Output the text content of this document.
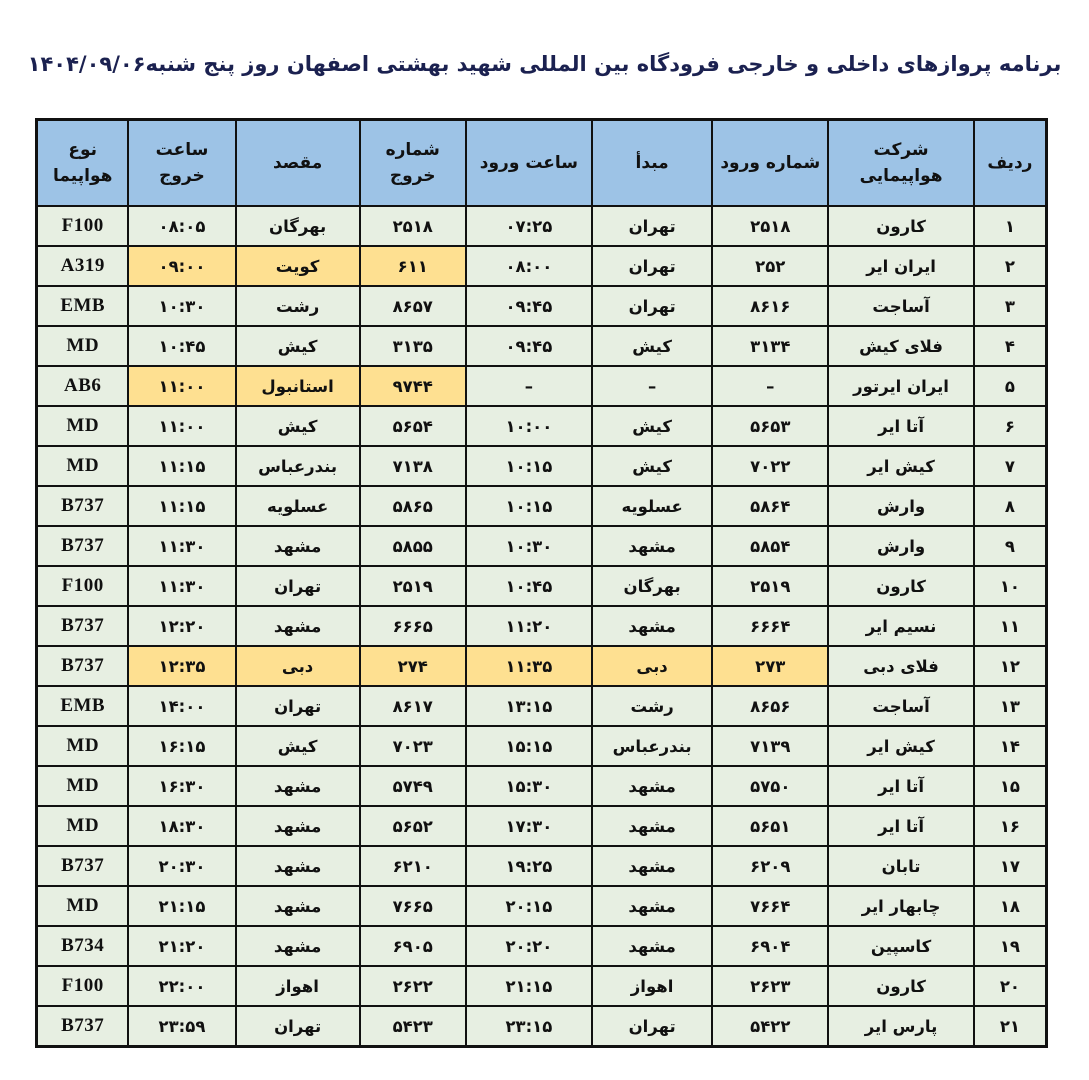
برنامه پروازهای داخلی و خارجی فرودگاه بین المللی شهید بهشتی اصفهان روز پنج شنبه۱۴۰۴/۰۹/۰۶
ردیف	شرکت هواپیمایی	شماره ورود	مبدأ	ساعت ورود	شماره خروج	مقصد	ساعت خروج	نوع هواپیما
۱	کارون	۲۵۱۸	تهران	۰۷:۲۵	۲۵۱۸	بهرگان	۰۸:۰۵	F100
۲	ایران ایر	۲۵۲	تهران	۰۸:۰۰	۶۱۱	کویت	۰۹:۰۰	A319
۳	آساجت	۸۶۱۶	تهران	۰۹:۴۵	۸۶۵۷	رشت	۱۰:۳۰	EMB
۴	فلای کیش	۳۱۳۴	کیش	۰۹:۴۵	۳۱۳۵	کیش	۱۰:۴۵	MD
۵	ایران ایرتور	–	–	–	۹۷۴۴	استانبول	۱۱:۰۰	AB6
۶	آتا ایر	۵۶۵۳	کیش	۱۰:۰۰	۵۶۵۴	کیش	۱۱:۰۰	MD
۷	کیش ایر	۷۰۲۲	کیش	۱۰:۱۵	۷۱۳۸	بندرعباس	۱۱:۱۵	MD
۸	وارش	۵۸۶۴	عسلویه	۱۰:۱۵	۵۸۶۵	عسلویه	۱۱:۱۵	B737
۹	وارش	۵۸۵۴	مشهد	۱۰:۳۰	۵۸۵۵	مشهد	۱۱:۳۰	B737
۱۰	کارون	۲۵۱۹	بهرگان	۱۰:۴۵	۲۵۱۹	تهران	۱۱:۳۰	F100
۱۱	نسیم ایر	۶۶۶۴	مشهد	۱۱:۲۰	۶۶۶۵	مشهد	۱۲:۲۰	B737
۱۲	فلای دبی	۲۷۳	دبی	۱۱:۳۵	۲۷۴	دبی	۱۲:۳۵	B737
۱۳	آساجت	۸۶۵۶	رشت	۱۳:۱۵	۸۶۱۷	تهران	۱۴:۰۰	EMB
۱۴	کیش ایر	۷۱۳۹	بندرعباس	۱۵:۱۵	۷۰۲۳	کیش	۱۶:۱۵	MD
۱۵	آتا ایر	۵۷۵۰	مشهد	۱۵:۳۰	۵۷۴۹	مشهد	۱۶:۳۰	MD
۱۶	آتا ایر	۵۶۵۱	مشهد	۱۷:۳۰	۵۶۵۲	مشهد	۱۸:۳۰	MD
۱۷	تابان	۶۲۰۹	مشهد	۱۹:۲۵	۶۲۱۰	مشهد	۲۰:۳۰	B737
۱۸	چابهار ایر	۷۶۶۴	مشهد	۲۰:۱۵	۷۶۶۵	مشهد	۲۱:۱۵	MD
۱۹	کاسپین	۶۹۰۴	مشهد	۲۰:۲۰	۶۹۰۵	مشهد	۲۱:۲۰	B734
۲۰	کارون	۲۶۲۳	اهواز	۲۱:۱۵	۲۶۲۲	اهواز	۲۲:۰۰	F100
۲۱	پارس ایر	۵۴۲۲	تهران	۲۳:۱۵	۵۴۲۳	تهران	۲۳:۵۹	B737
